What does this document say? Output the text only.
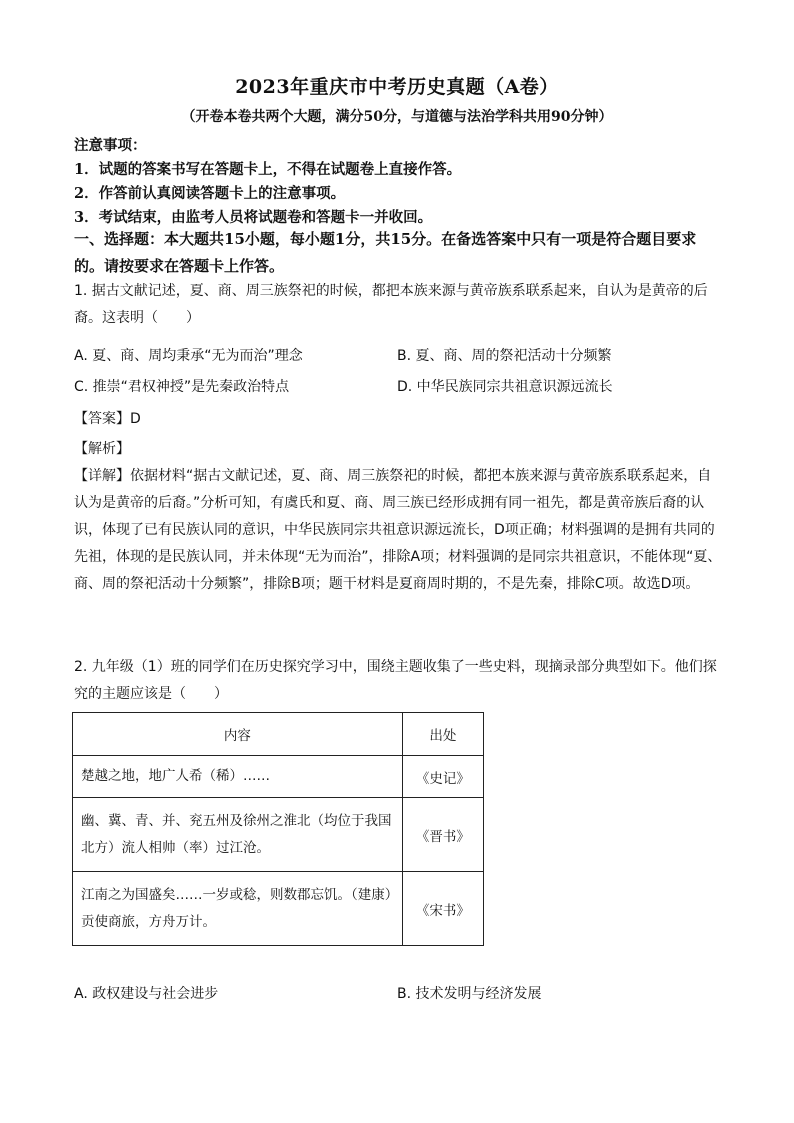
2023年重庆市中考历史真题（A卷）
（开卷本卷共两个大题，满分50分，与道德与法治学科共用90分钟）
注意事项：
1．试题的答案书写在答题卡上，不得在试题卷上直接作答。
2．作答前认真阅读答题卡上的注意事项。
3．考试结束，由监考人员将试题卷和答题卡一并收回。
一、选择题：本大题共15小题，每小题1分，共15分。在备选答案中只有一项是符合题目要求的。请按要求在答题卡上作答。
1. 据古文献记述，夏、商、周三族祭祀的时候，都把本族来源与黄帝族系联系起来，自认为是黄帝的后裔。这表明（　　）
A. 夏、商、周均秉承“无为而治”理念	B. 夏、商、周的祭祀活动十分频繁
C. 推崇“君权神授”是先秦政治特点	D. 中华民族同宗共祖意识源远流长
【答案】D
【解析】
【详解】依据材料“据古文献记述，夏、商、周三族祭祀的时候，都把本族来源与黄帝族系联系起来，自认为是黄帝的后裔。”分析可知，有虞氏和夏、商、周三族已经形成拥有同一祖先，都是黄帝族后裔的认识，体现了已有民族认同的意识，中华民族同宗共祖意识源远流长，D项正确；材料强调的是拥有共同的先祖，体现的是民族认同，并未体现“无为而治”，排除A项；材料强调的是同宗共祖意识，不能体现“夏、商、周的祭祀活动十分频繁”，排除B项；题干材料是夏商周时期的，不是先秦，排除C项。故选D项。
2. 九年级（1）班的同学们在历史探究学习中，围绕主题收集了一些史料，现摘录部分典型如下。他们探究的主题应该是（　　）
内容	出处
楚越之地，地广人希（稀）……	《史记》
幽、冀、青、并、兖五州及徐州之淮北（均位于我国北方）流人相帅（率）过江沧。	《晋书》
江南之为国盛矣……一岁或稔，则数郡忘饥。（建康）贡使商旅，方舟万计。	《宋书》
A. 政权建设与社会进步	B. 技术发明与经济发展
